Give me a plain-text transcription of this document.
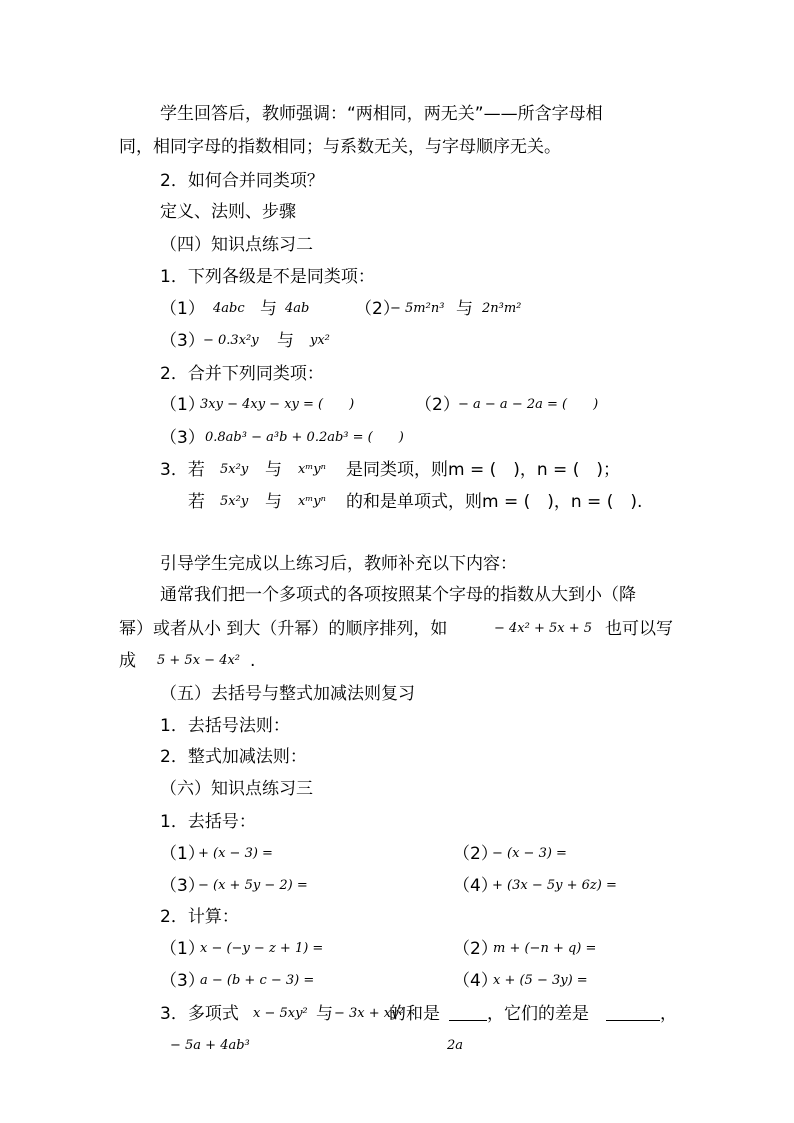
学生回答后，教师强调：“两相同，两无关”——所含字母相
同，相同字母的指数相同；与系数无关，与字母顺序无关。
2．如何合并同类项？
定义、法则、步骤
（四）知识点练习二
1．下列各级是不是同类项：
（1） 4abc 与 4ab	（2）
− 5m²n³ 与 2n³m²
（3）
− 0.3x²y 与 yx²
2．合并下列同类项：
（1）
3xy − 4xy − xy = (　　)	（2）
− a − a − 2a = (　　)
（3） 0.8ab³ − a³b + 0.2ab³ = (　　)
3．若 5x²y 与 xᵐyⁿ 是同类项，则m = (　)，n = (　)；
若 5x²y 与 xᵐyⁿ 的和是单项式，则m = (　)，n = (　).
引导学生完成以上练习后，教师补充以下内容：
通常我们把一个多项式的各项按照某个字母的指数从大到小（降
幂）或者从小 到大（升幂）的顺序排列，如	− 4x² + 5x + 5 也可以写
成 5 + 5x − 4x² .
（五）去括号与整式加减法则复习
1．去括号法则：
2．整式加减法则：
（六）知识点练习三
1．去括号：
（1）
+ (x − 3) =	（2）
− (x − 3) =
（3）
− (x + 5y − 2) =	（4）
+ (3x − 5y + 6z) =
2．计算：
（1）
x − (−y − z + 1) =	（2）
m + (−n + q) =
（3）
a − (b + c − 3) =	（4）
x + (5 − 3y) =
3．多项式 x − 5xy² 与 − 3x + xy²
的和是	，它们的差是	，
− 5a + 4ab³	2a
